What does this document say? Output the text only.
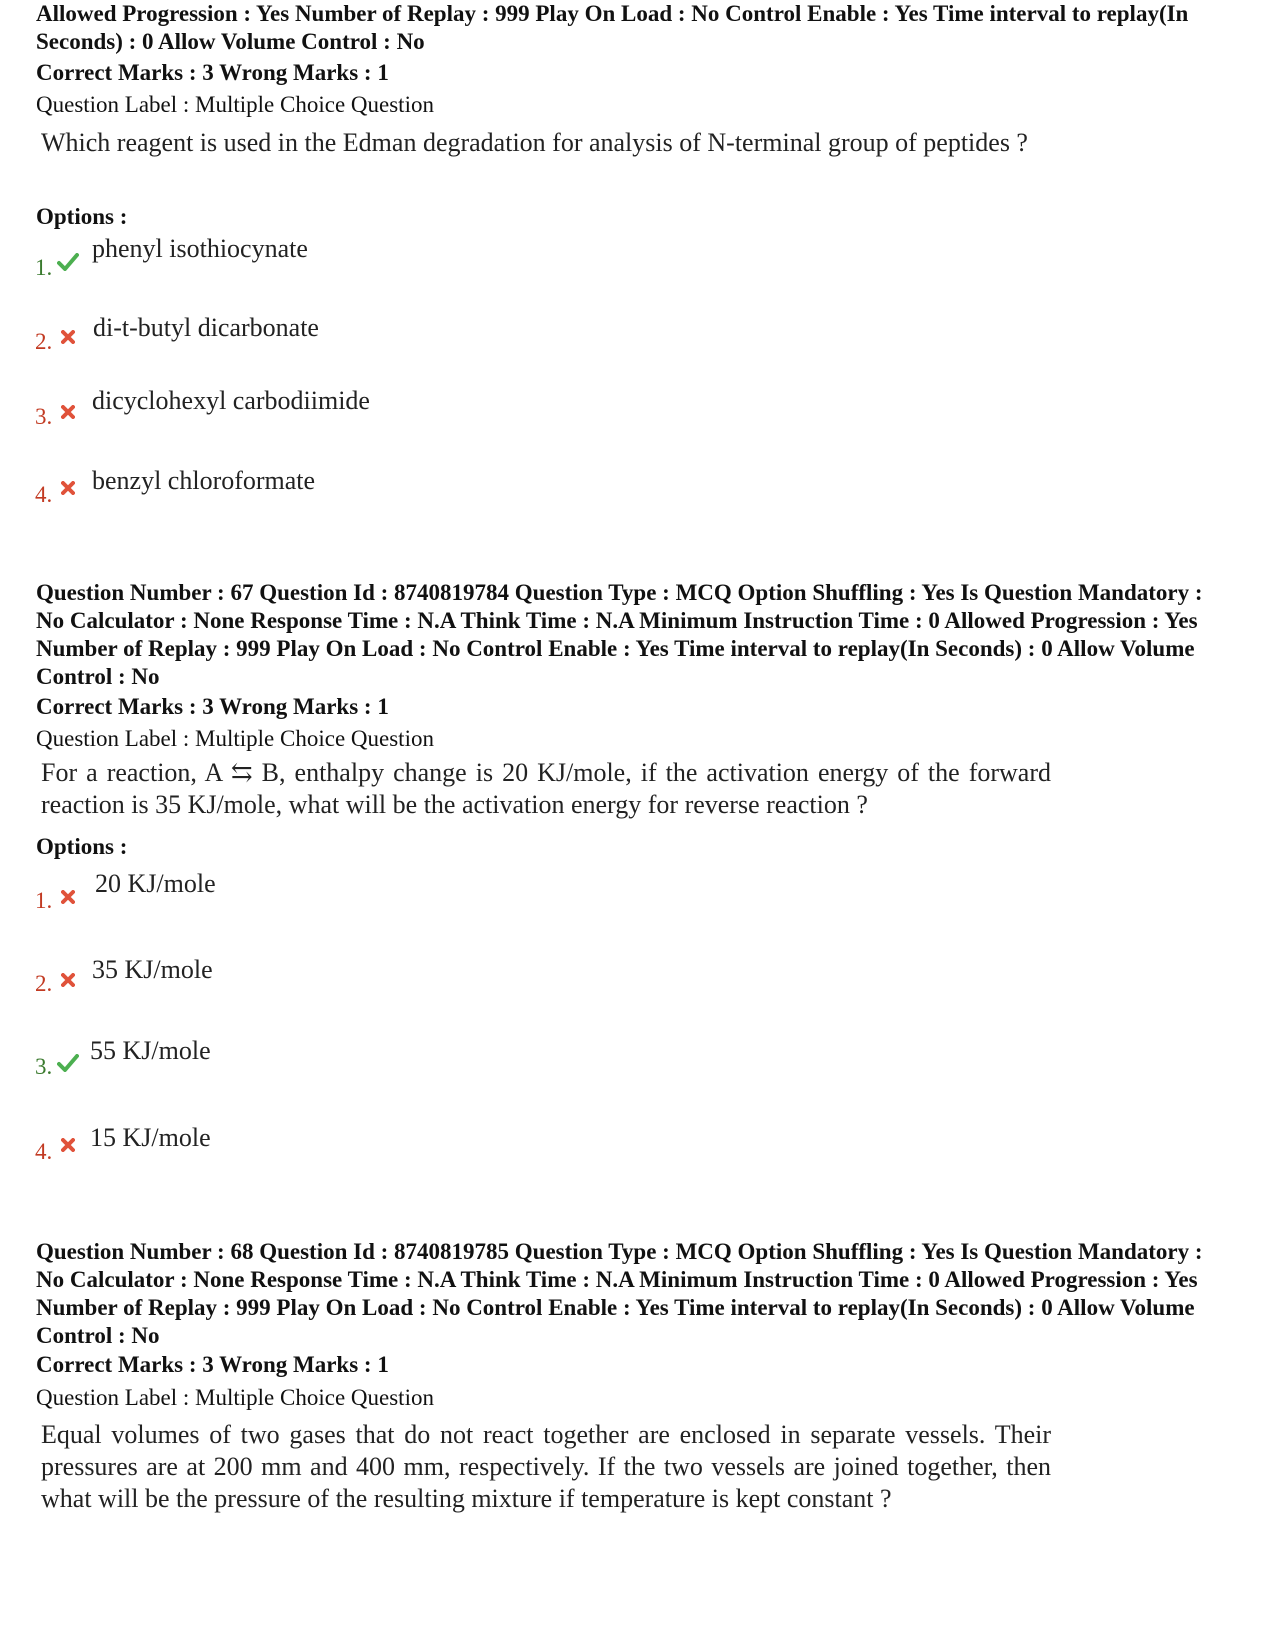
Allowed Progression : Yes Number of Replay : 999 Play On Load : No Control Enable : Yes Time interval to replay(In Seconds) : 0 Allow Volume Control : No
Correct Marks : 3 Wrong Marks : 1
Question Label : Multiple Choice Question
Which reagent is used in the Edman degradation for analysis of N-terminal group of peptides ?
Options :
1.
phenyl isothiocynate
2. di-t-butyl dicarbonate
3.
dicyclohexyl carbodiimide
4. benzyl chloroformate
Question Number : 67 Question Id : 8740819784 Question Type : MCQ Option Shuffling : Yes Is Question Mandatory : No Calculator : None Response Time : N.A Think Time : N.A Minimum Instruction Time : 0 Allowed Progression : Yes Number of Replay : 999 Play On Load : No Control Enable : Yes Time interval to replay(In Seconds) : 0 Allow Volume Control : No
Correct Marks : 3 Wrong Marks : 1
Question Label : Multiple Choice Question
For a reaction, A ⇆ B, enthalpy change is 20 KJ/mole, if the activation energy of the forward reaction is 35 KJ/mole, what will be the activation energy for reverse reaction ?
Options :
1.
20 KJ/mole
2. 35 KJ/mole
3.
55 KJ/mole
4. 15 KJ/mole
Question Number : 68 Question Id : 8740819785 Question Type : MCQ Option Shuffling : Yes Is Question Mandatory : No Calculator : None Response Time : N.A Think Time : N.A Minimum Instruction Time : 0 Allowed Progression : Yes Number of Replay : 999 Play On Load : No Control Enable : Yes Time interval to replay(In Seconds) : 0 Allow Volume Control : No
Correct Marks : 3 Wrong Marks : 1
Question Label : Multiple Choice Question
Equal volumes of two gases that do not react together are enclosed in separate vessels. Their pressures are at 200 mm and 400 mm, respectively. If the two vessels are joined together, then what will be the pressure of the resulting mixture if temperature is kept constant ?
